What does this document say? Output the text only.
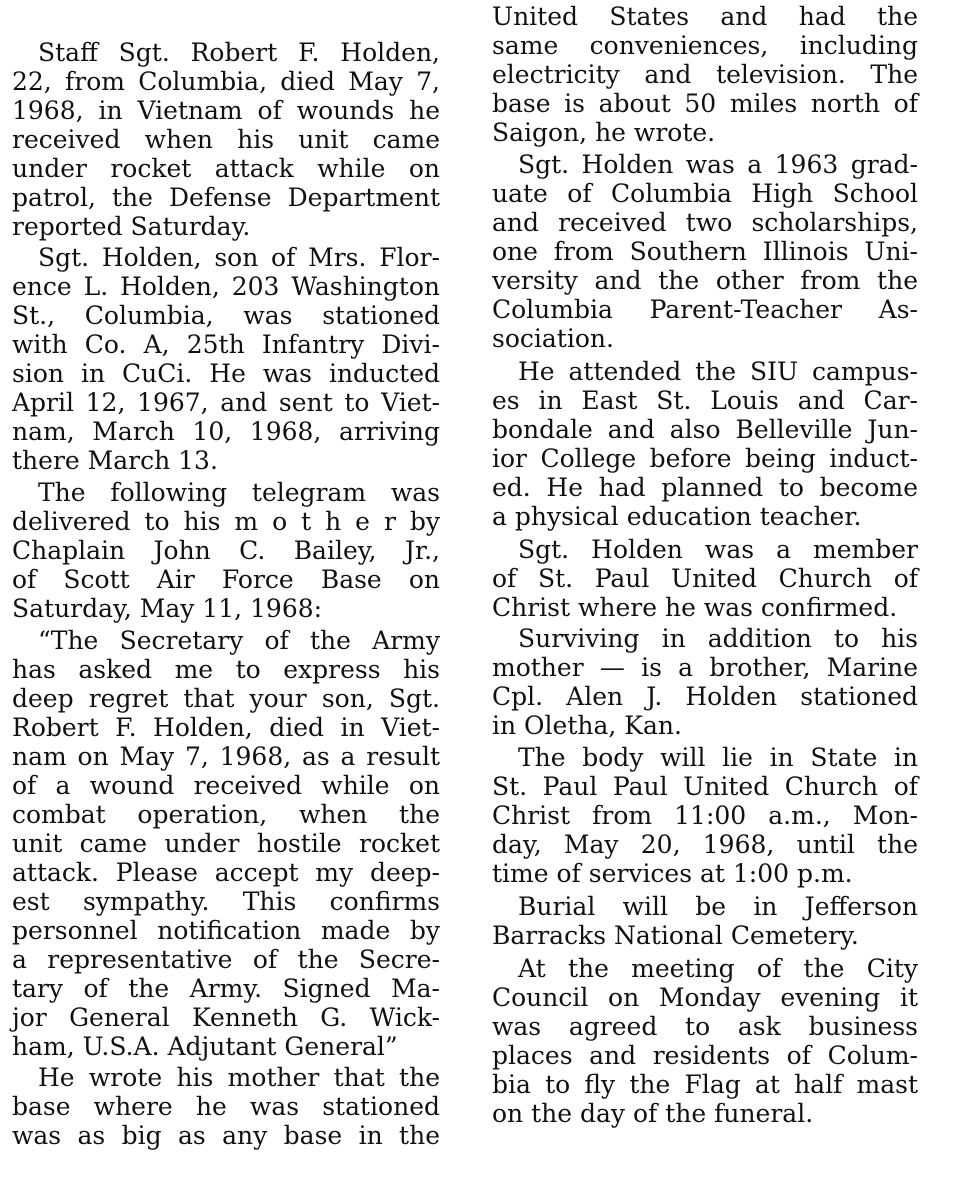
Staff Sgt. Robert F. Holden,
22, from Columbia, died May 7,
1968, in Vietnam of wounds he
received when his unit came
under rocket attack while on
patrol, the Defense Department
reported Saturday.
Sgt. Holden, son of Mrs. Flor-
ence L. Holden, 203 Washington
St., Columbia, was stationed
with Co. A, 25th Infantry Divi-
sion in CuCi. He was inducted
April 12, 1967, and sent to Viet-
nam, March 10, 1968, arriving
there March 13.
The following telegram was
delivered to his m o t h e r by
Chaplain John C. Bailey, Jr.,
of Scott Air Force Base on
Saturday, May 11, 1968:
“The Secretary of the Army
has asked me to express his
deep regret that your son, Sgt.
Robert F. Holden, died in Viet-
nam on May 7, 1968, as a result
of a wound received while on
combat operation, when the
unit came under hostile rocket
attack. Please accept my deep-
est sympathy. This confirms
personnel notification made by
a representative of the Secre-
tary of the Army. Signed Ma-
jor General Kenneth G. Wick-
ham, U.S.A. Adjutant General”
He wrote his mother that the
base where he was stationed
was as big as any base in the
United States and had the
same conveniences, including
electricity and television. The
base is about 50 miles north of
Saigon, he wrote.
Sgt. Holden was a 1963 grad-
uate of Columbia High School
and received two scholarships,
one from Southern Illinois Uni-
versity and the other from the
Columbia Parent-Teacher As-
sociation.
He attended the SIU campus-
es in East St. Louis and Car-
bondale and also Belleville Jun-
ior College before being induct-
ed. He had planned to become
a physical education teacher.
Sgt. Holden was a member
of St. Paul United Church of
Christ where he was confirmed.
Surviving in addition to his
mother — is a brother, Marine
Cpl. Alen J. Holden stationed
in Oletha, Kan.
The body will lie in State in
St. Paul Paul United Church of
Christ from 11:00 a.m., Mon-
day, May 20, 1968, until the
time of services at 1:00 p.m.
Burial will be in Jefferson
Barracks National Cemetery.
At the meeting of the City
Council on Monday evening it
was agreed to ask business
places and residents of Colum-
bia to fly the Flag at half mast
on the day of the funeral.
